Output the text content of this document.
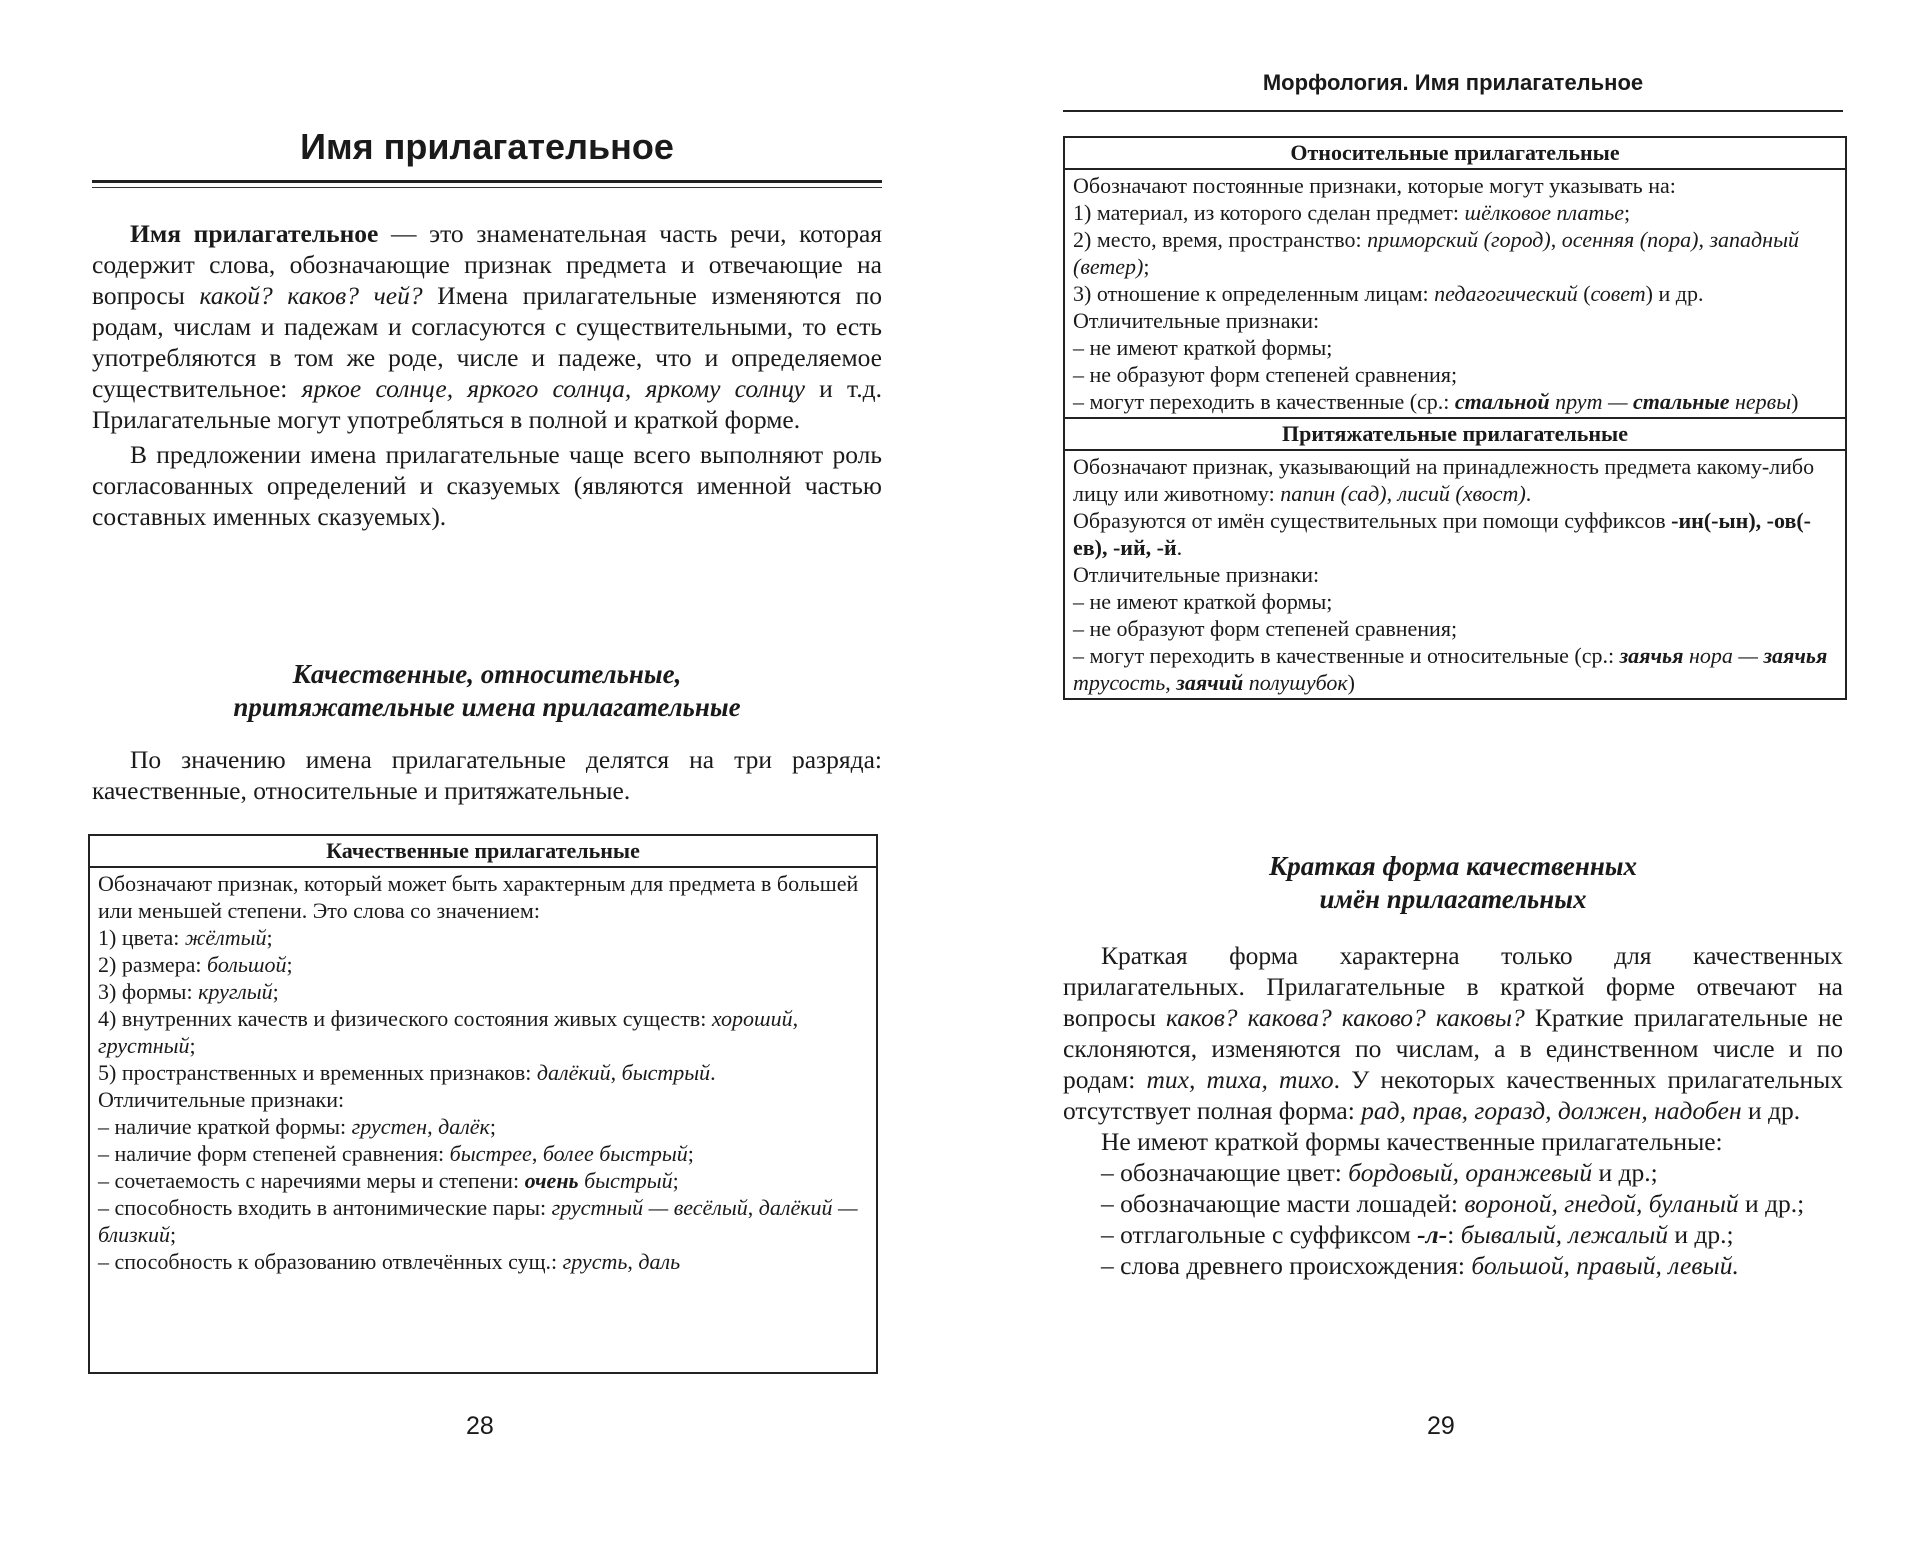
Имя прилагательное

Имя прилагательное — это знаменательная часть речи, которая содержит слова, обозначающие признак предмета и отвечающие на вопросы какой? каков? чей? Имена прилагательные изменяются по родам, числам и падежам и согласуются с существительными, то есть употребляются в том же роде, числе и падеже, что и определяемое существительное: яркое солнце, яркого солнца, яркому солнцу и т.д. Прилагательные могут употребляться в полной и краткой форме.

В предложении имена прилагательные чаще всего выполняют роль согласованных определений и сказуемых (являются именной частью составных именных сказуемых).

Качественные, относительные,
притяжательные имена прилагательные

По значению имена прилагательные делятся на три разряда: качественные, относительные и притяжательные.

Качественные прилагательные
Обозначают признак, который может быть характерным для предмета в большей или меньшей степени. Это слова со значением:
1) цвета: жёлтый;
2) размера: большой;
3) формы: круглый;
4) внутренних качеств и физического состояния живых существ: хороший, грустный;
5) пространственных и временных признаков: далёкий, быстрый.
Отличительные признаки:
– наличие краткой формы: грустен, далёк;
– наличие форм степеней сравнения: быстрее, более быстрый;
– сочетаемость с наречиями меры и степени: очень быстрый;
– способность входить в антонимические пары: грустный — весёлый, далёкий — близкий;
– способность к образованию отвлечённых сущ.: грусть, даль
28
Морфология. Имя прилагательное
Относительные прилагательные
Обозначают постоянные признаки, которые могут указывать на:
1) материал, из которого сделан предмет: шёлковое платье;
2) место, время, пространство: приморский (город), осенняя (пора), западный (ветер);
3) отношение к определенным лицам: педагогический (совет) и др.
Отличительные признаки:
– не имеют краткой формы;
– не образуют форм степеней сравнения;
– могут переходить в качественные (ср.: стальной прут — стальные нервы)
Притяжательные прилагательные
Обозначают признак, указывающий на принадлежность предмета какому-либо лицу или животному: папин (сад), лисий (хвост).
Образуются от имён существительных при помощи суффиксов -ин(-ын), -ов(-ев), -ий, -й.
Отличительные признаки:
– не имеют краткой формы;
– не образуют форм степеней сравнения;
– могут переходить в качественные и относительные (ср.: заячья нора — заячья трусость, заячий полушубок)
Краткая форма качественных
имён прилагательных

Краткая форма характерна только для качественных прилагательных. Прилагательные в краткой форме отвечают на вопросы каков? какова? каково? каковы? Краткие прилагательные не склоняются, изменяются по числам, а в единственном числе и по родам: тих, тиха, тихо. У некоторых качественных прилагательных отсутствует полная форма: рад, прав, горазд, должен, надобен и др.

Не имеют краткой формы качественные прилагательные:

– обозначающие цвет: бордовый, оранжевый и др.;

– обозначающие масти лошадей: вороной, гнедой, буланый и др.;

– отглагольные с суффиксом -л-: бывалый, лежалый и др.;

– слова древнего происхождения: большой, правый, левый.

29
